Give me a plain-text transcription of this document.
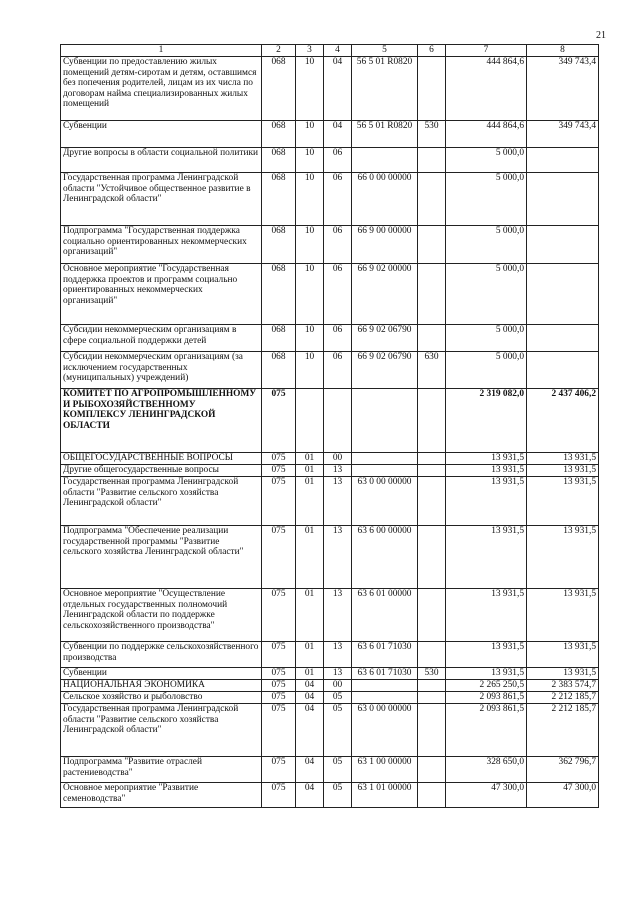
21
1	2	3	4	5	6	7	8
Субвенции по предоставлению жилых помещений детям-сиротам и детям, оставшимся без попечения родителей, лицам из их числа по договорам найма специализированных жилых помещений	068	10	04	56 5 01 R0820		444 864,6	349 743,4
Субвенции	068	10	04	56 5 01 R0820	530	444 864,6	349 743,4
Другие вопросы в области социальной политики	068	10	06			5 000,0	
Государственная программа Ленинградской области "Устойчивое общественное развитие в Ленинградской области"	068	10	06	66 0 00 00000		5 000,0	
Подпрограмма "Государственная поддержка социально ориентированных некоммерческих организаций"	068	10	06	66 9 00 00000		5 000,0	
Основное мероприятие "Государственная поддержка проектов и программ социально ориентированных некоммерческих организаций"	068	10	06	66 9 02 00000		5 000,0	
Субсидии некоммерческим организациям в сфере социальной поддержки детей	068	10	06	66 9 02 06790		5 000,0	
Субсидии некоммерческим организациям (за исключением государственных (муниципальных) учреждений)	068	10	06	66 9 02 06790	630	5 000,0	
КОМИТЕТ ПО АГРОПРОМЫШЛЕННОМУ И РЫБОХОЗЯЙСТВЕННОМУ КОМПЛЕКСУ ЛЕНИНГРАДСКОЙ ОБЛАСТИ	075					2 319 082,0	2 437 406,2
ОБЩЕГОСУДАРСТВЕННЫЕ ВОПРОСЫ	075	01	00			13 931,5	13 931,5
Другие общегосударственные вопросы	075	01	13			13 931,5	13 931,5
Государственная программа Ленинградской области "Развитие сельского хозяйства Ленинградской области"	075	01	13	63 0 00 00000		13 931,5	13 931,5
Подпрограмма "Обеспечение реализации государственной программы "Развитие сельского хозяйства Ленинградской области"	075	01	13	63 6 00 00000		13 931,5	13 931,5
Основное мероприятие "Осуществление отдельных государственных полномочий Ленинградской области по поддержке сельскохозяйственного производства"	075	01	13	63 6 01 00000		13 931,5	13 931,5
Субвенции по поддержке сельскохозяйственного производства	075	01	13	63 6 01 71030		13 931,5	13 931,5
Субвенции	075	01	13	63 6 01 71030	530	13 931,5	13 931,5
НАЦИОНАЛЬНАЯ ЭКОНОМИКА	075	04	00			2 265 250,5	2 383 574,7
Сельское хозяйство и рыболовство	075	04	05			2 093 861,5	2 212 185,7
Государственная программа Ленинградской области "Развитие сельского хозяйства Ленинградской области"	075	04	05	63 0 00 00000		2 093 861,5	2 212 185,7
Подпрограмма "Развитие отраслей растениеводства"	075	04	05	63 1 00 00000		328 650,0	362 796,7
Основное мероприятие "Развитие семеноводства"	075	04	05	63 1 01 00000		47 300,0	47 300,0
